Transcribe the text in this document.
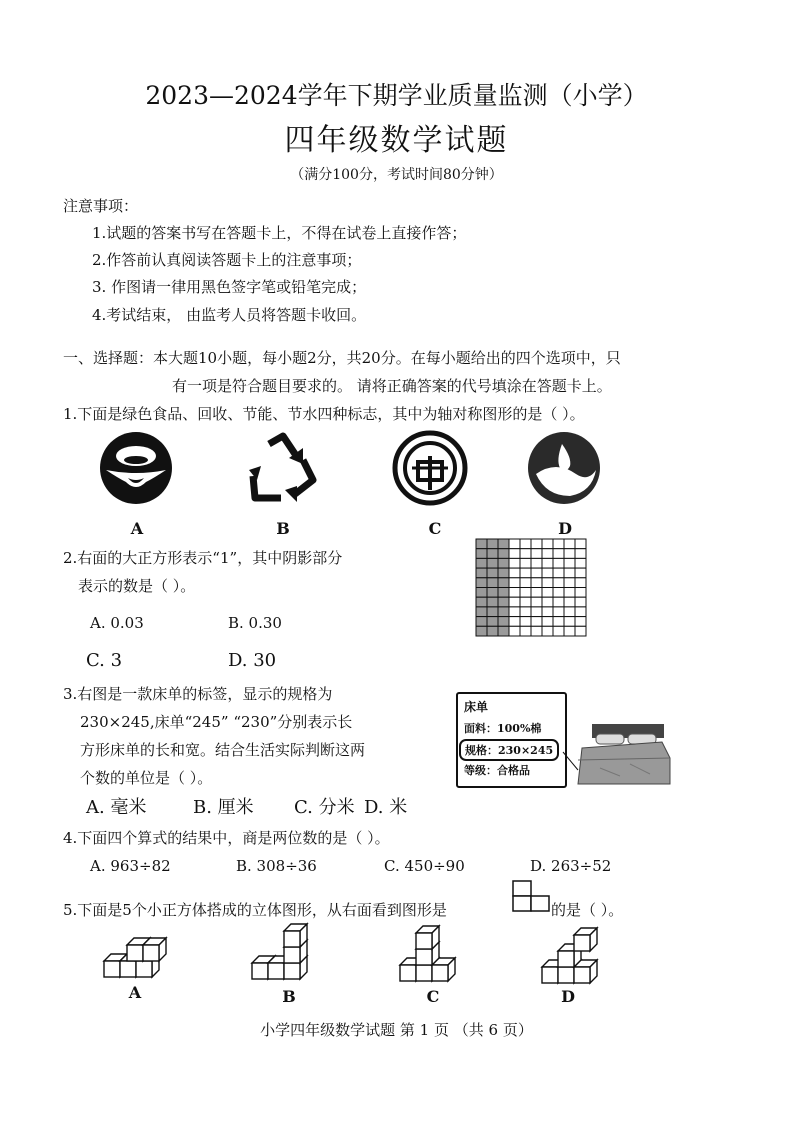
2023—2024学年下期学业质量监测（小学）
四年级数学试题
（满分100分，考试时间80分钟）
注意事项：
1.试题的答案书写在答题卡上，不得在试卷上直接作答；
2.作答前认真阅读答题卡上的注意事项；
3. 作图请一律用黑色签字笔或铅笔完成；
4.考试结束， 由监考人员将答题卡收回。
一、选择题：本大题10小题，每小题2分，共20分。在每小题给出的四个选项中，只
有一项是符合题目要求的。 请将正确答案的代号填涂在答题卡上。
1.下面是绿色食品、回收、节能、节水四种标志，其中为轴对称图形的是（ ）。
A	B	C	D
2.右面的大正方形表示“1”，其中阴影部分
表示的数是（ ）。
A. 0.03	B. 0.30
C. 3	D. 30
3.右图是一款床单的标签，显示的规格为
230×245,床单“245” “230”分别表示长
方形床单的长和宽。结合生活实际判断这两
个数的单位是（ ）。
A. 毫米	B. 厘米 C. 分米 D. 米
床单
面料：100%棉
规格：230×245
等级：合格品
4.下面四个算式的结果中，商是两位数的是（ ）。
A. 963÷82	B. 308÷36	C. 450÷90	D. 263÷52
5.下面是5个小正方体搭成的立体图形，从右面看到图形是	的是（ ）。
A	B	C	D
小学四年级数学试题 第 1 页 （共 6 页）
